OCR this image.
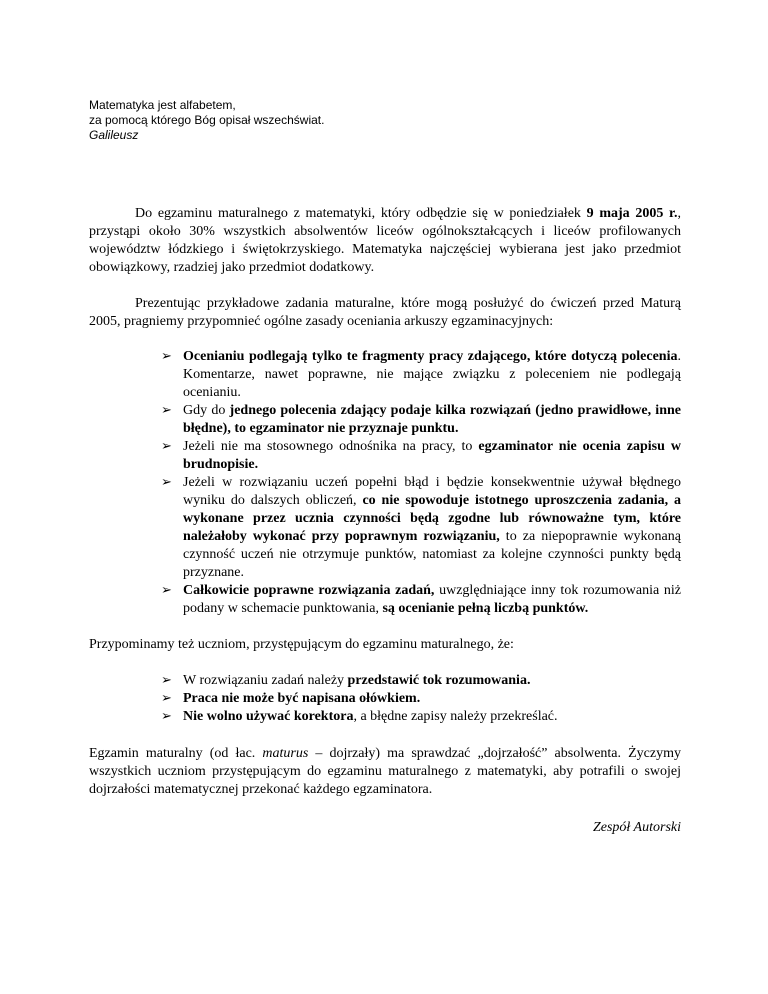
Matematyka jest alfabetem,
za pomocą którego Bóg opisał wszechświat.
Galileusz

Do egzaminu maturalnego z matematyki, który odbędzie się w poniedziałek 9 maja 2005 r., przystąpi około 30% wszystkich absolwentów liceów ogólnokształcących i liceów profilowanych województw łódzkiego i świętokrzyskiego. Matematyka najczęściej wybierana jest jako przedmiot obowiązkowy, rzadziej jako przedmiot dodatkowy.

Prezentując przykładowe zadania maturalne, które mogą posłużyć do ćwiczeń przed Maturą 2005, pragniemy przypomnieć ogólne zasady oceniania arkuszy egzaminacyjnych:

➢ Ocenianiu podlegają tylko te fragmenty pracy zdającego, które dotyczą polecenia. Komentarze, nawet poprawne, nie mające związku z poleceniem nie podlegają ocenianiu.
➢ Gdy do jednego polecenia zdający podaje kilka rozwiązań (jedno prawidłowe, inne błędne), to egzaminator nie przyznaje punktu.
➢ Jeżeli nie ma stosownego odnośnika na pracy, to egzaminator nie ocenia zapisu w brudnopisie.
➢ Jeżeli w rozwiązaniu uczeń popełni błąd i będzie konsekwentnie używał błędnego wyniku do dalszych obliczeń, co nie spowoduje istotnego uproszczenia zadania, a wykonane przez ucznia czynności będą zgodne lub równoważne tym, które należałoby wykonać przy poprawnym rozwiązaniu, to za niepoprawnie wykonaną czynność uczeń nie otrzymuje punktów, natomiast za kolejne czynności punkty będą przyznane.
➢ Całkowicie poprawne rozwiązania zadań, uwzględniające inny tok rozumowania niż podany w schemacie punktowania, są ocenianie pełną liczbą punktów.

Przypominamy też uczniom, przystępującym do egzaminu maturalnego, że:

➢ W rozwiązaniu zadań należy przedstawić tok rozumowania.
➢ Praca nie może być napisana ołówkiem.
➢ Nie wolno używać korektora, a błędne zapisy należy przekreślać.

Egzamin maturalny (od łac. maturus – dojrzały) ma sprawdzać „dojrzałość” absolwenta. Życzymy wszystkich uczniom przystępującym do egzaminu maturalnego z matematyki, aby potrafili o swojej dojrzałości matematycznej przekonać każdego egzaminatora.

Zespół Autorski
